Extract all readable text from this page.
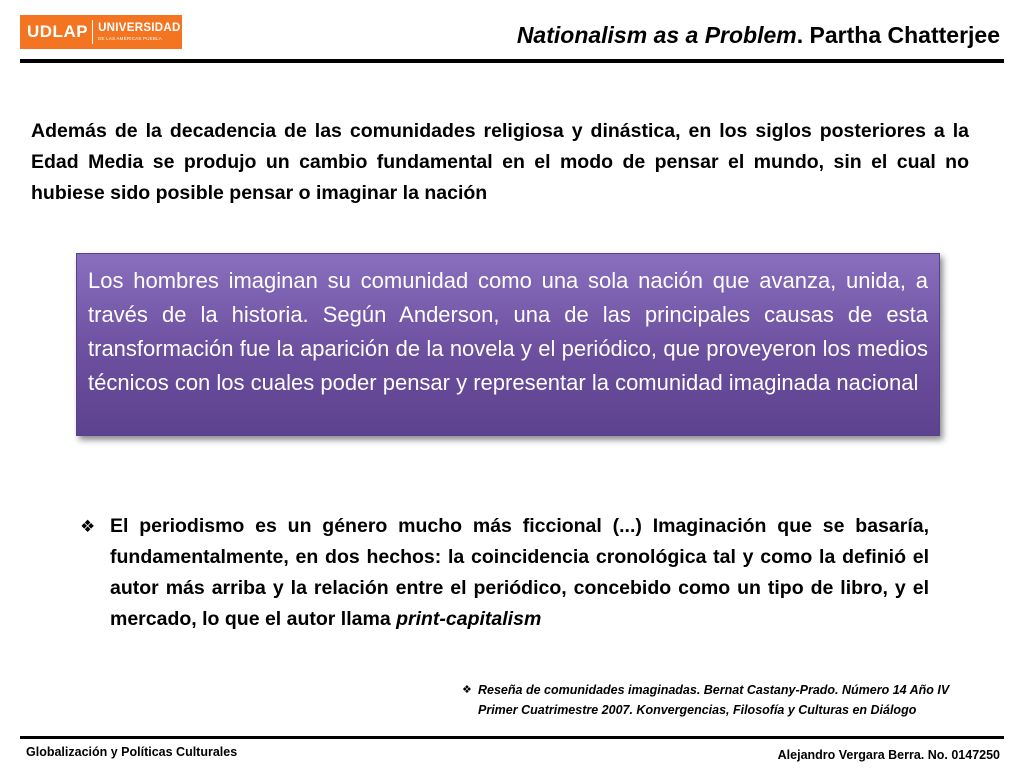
UDLAP UNIVERSIDAD
DE LAS AMÉRICAS PUEBLA	Nationalism as a Problem. Partha Chatterjee
Además de la decadencia de las comunidades religiosa y dinástica, en los siglos posteriores a la Edad Media se produjo un cambio fundamental en el modo de pensar el mundo, sin el cual no hubiese sido posible pensar o imaginar la nación
Los hombres imaginan su comunidad como una sola nación que avanza, unida, a través de la historia. Según Anderson, una de las principales causas de esta transformación fue la aparición de la novela y el periódico, que proveyeron los medios técnicos con los cuales poder pensar y representar la comunidad imaginada nacional
❖ El periodismo es un género mucho más ficcional (...) Imaginación que se basaría, fundamentalmente, en dos hechos: la coincidencia cronológica tal y como la definió el autor más arriba y la relación entre el periódico, concebido como un tipo de libro, y el mercado, lo que el autor llama print-capitalism
❖ Reseña de comunidades imaginadas. Bernat Castany-Prado. Número 14 Año IV
Primer Cuatrimestre 2007. Konvergencias, Filosofía y Culturas en Diálogo
Globalización y Políticas Culturales	Alejandro Vergara Berra. No. 0147250
